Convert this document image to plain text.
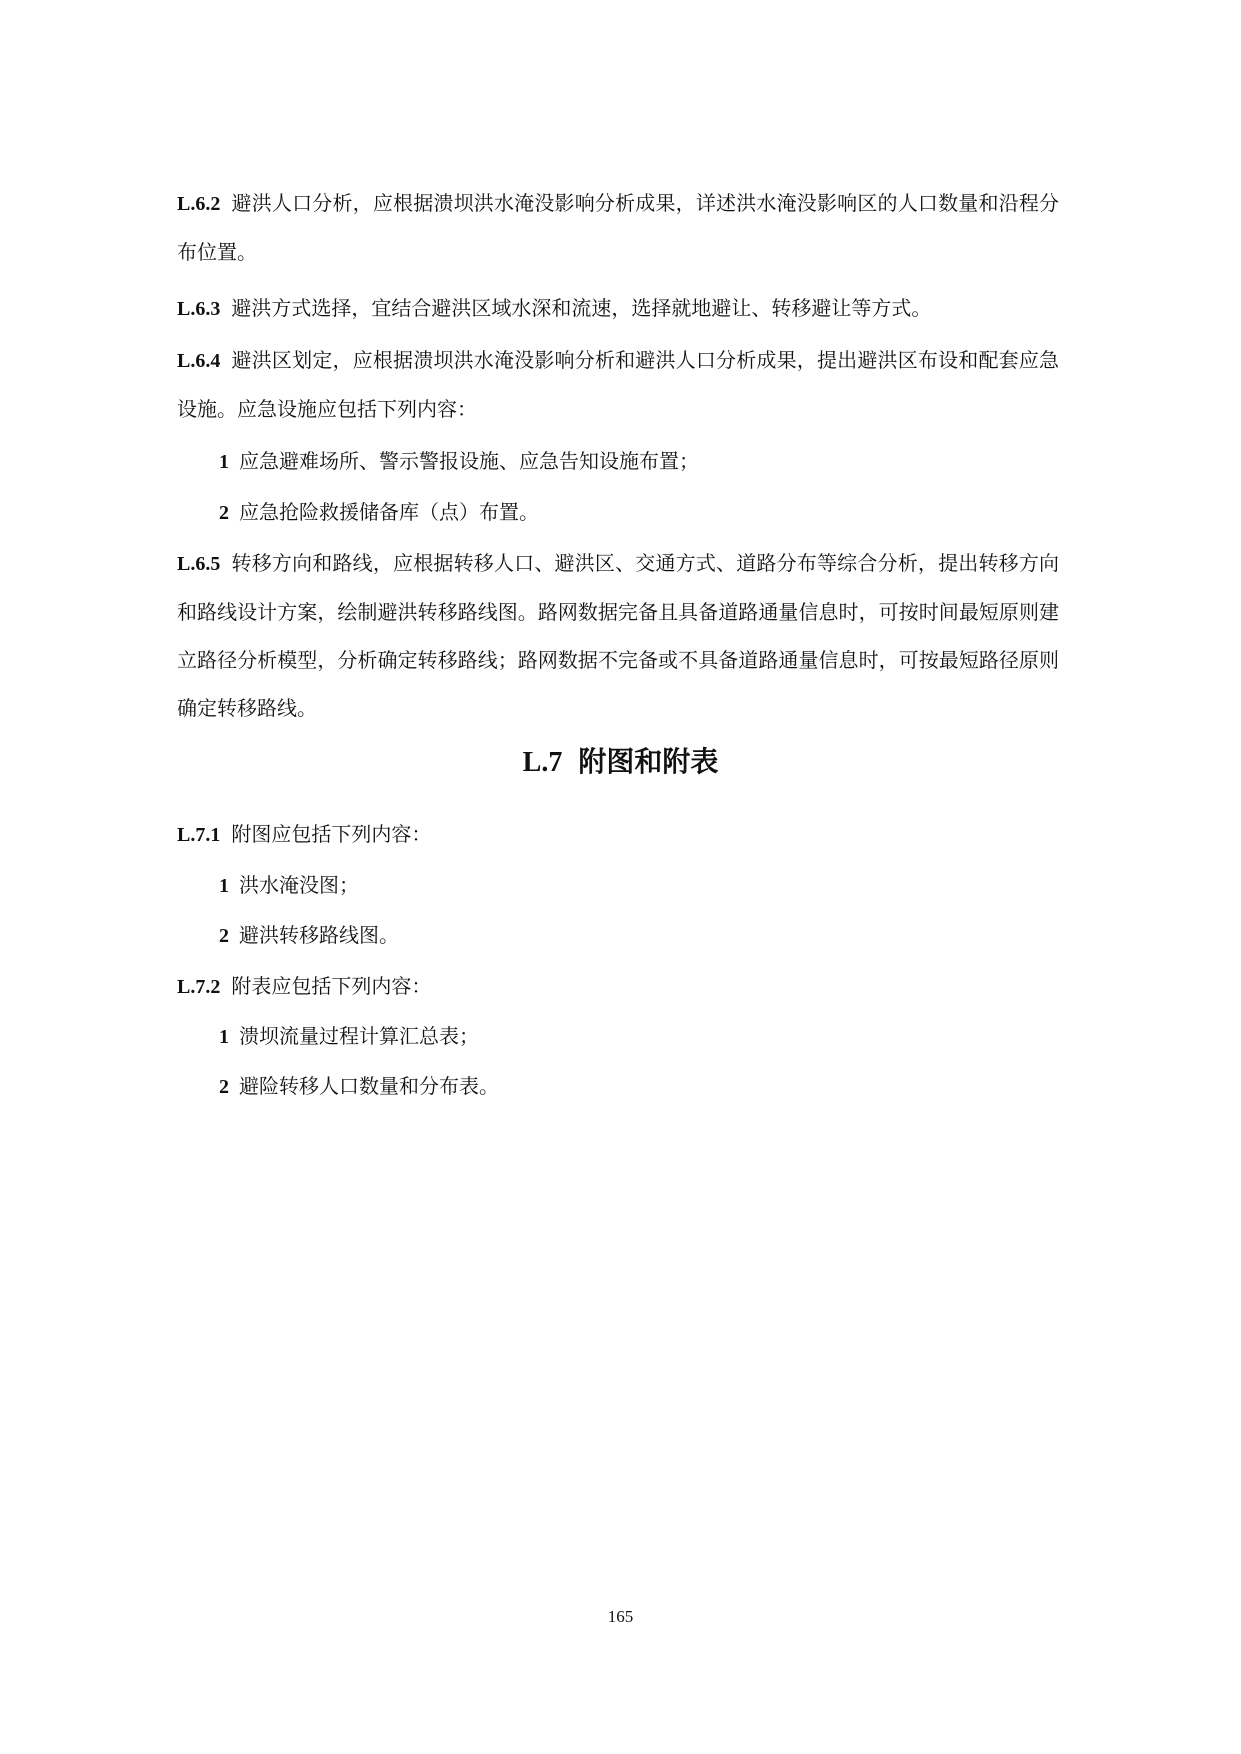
L.6.2 避洪人口分析，应根据溃坝洪水淹没影响分析成果，详述洪水淹没影响区的人口数量和沿程分布位置。

L.6.3 避洪方式选择，宜结合避洪区域水深和流速，选择就地避让、转移避让等方式。

L.6.4 避洪区划定，应根据溃坝洪水淹没影响分析和避洪人口分析成果，提出避洪区布设和配套应急设施。应急设施应包括下列内容：

1 应急避难场所、警示警报设施、应急告知设施布置；

2 应急抢险救援储备库（点）布置。

L.6.5 转移方向和路线，应根据转移人口、避洪区、交通方式、道路分布等综合分析，提出转移方向和路线设计方案，绘制避洪转移路线图。路网数据完备且具备道路通量信息时，可按时间最短原则建立路径分析模型，分析确定转移路线；路网数据不完备或不具备道路通量信息时，可按最短路径原则确定转移路线。

L.7 附图和附表

L.7.1 附图应包括下列内容：

1 洪水淹没图；

2 避洪转移路线图。

L.7.2 附表应包括下列内容：

1 溃坝流量过程计算汇总表；

2 避险转移人口数量和分布表。

165
